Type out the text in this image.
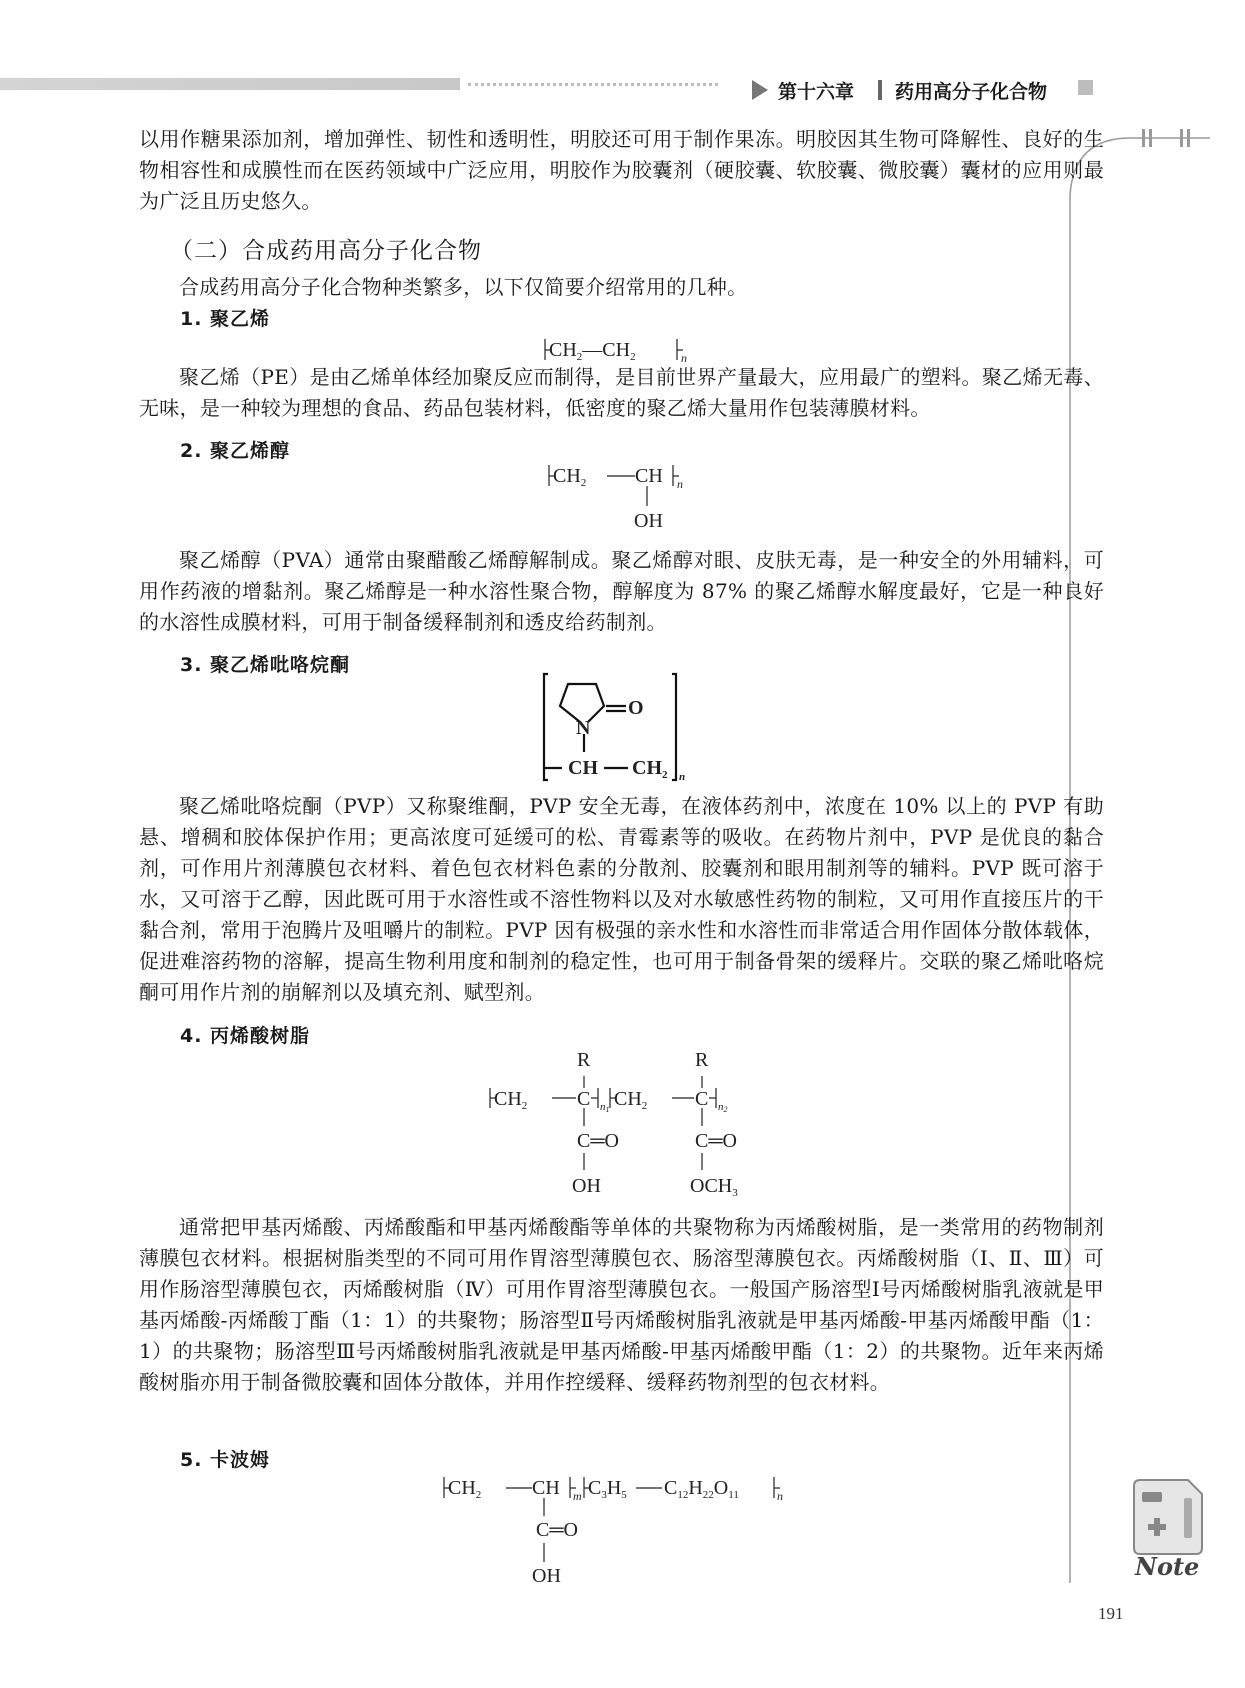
第十六章 药用高分子化合物
以用作糖果添加剂，增加弹性、韧性和透明性，明胶还可用于制作果冻。明胶因其生物可降解性、良好的生物相容性和成膜性而在医药领域中广泛应用，明胶作为胶囊剂（硬胶囊、软胶囊、微胶囊）囊材的应用则最为广泛且历史悠久。
（二）合成药用高分子化合物
合成药用高分子化合物种类繁多，以下仅简要介绍常用的几种。
1. 聚乙烯
$CH_2—CH_2$	n
聚乙烯（PE）是由乙烯单体经加聚反应而制得，是目前世界产量最大，应用最广的塑料。聚乙烯无毒、无味，是一种较为理想的食品、药品包装材料，低密度的聚乙烯大量用作包装薄膜材料。
2. 聚乙烯醇
$CH_2$ CH n
OH
聚乙烯醇（PVA）通常由聚醋酸乙烯醇解制成。聚乙烯醇对眼、皮肤无毒，是一种安全的外用辅料，可用作药液的增黏剂。聚乙烯醇是一种水溶性聚合物，醇解度为 87% 的聚乙烯醇水解度最好，它是一种良好的水溶性成膜材料，可用于制备缓释制剂和透皮给药制剂。
3. 聚乙烯吡咯烷酮
N
O
CH $CH_2$ n
聚乙烯吡咯烷酮（PVP）又称聚维酮，PVP 安全无毒，在液体药剂中，浓度在 10% 以上的 PVP 有助悬、增稠和胶体保护作用；更高浓度可延缓可的松、青霉素等的吸收。在药物片剂中，PVP 是优良的黏合剂，可作用片剂薄膜包衣材料、着色包衣材料色素的分散剂、胶囊剂和眼用制剂等的辅料。PVP 既可溶于水，又可溶于乙醇，因此既可用于水溶性或不溶性物料以及对水敏感性药物的制粒，又可用作直接压片的干黏合剂，常用于泡腾片及咀嚼片的制粒。PVP 因有极强的亲水性和水溶性而非常适合用作固体分散体载体，促进难溶药物的溶解，提高生物利用度和制剂的稳定性，也可用于制备骨架的缓释片。交联的聚乙烯吡咯烷酮可用作片剂的崩解剂以及填充剂、赋型剂。
4. 丙烯酸树脂
R	R
$CH_2$ C n1 $CH_2$ C n2
C═O	C═O
OH	$OCH_3$
通常把甲基丙烯酸、丙烯酸酯和甲基丙烯酸酯等单体的共聚物称为丙烯酸树脂，是一类常用的药物制剂薄膜包衣材料。根据树脂类型的不同可用作胃溶型薄膜包衣、肠溶型薄膜包衣。丙烯酸树脂（Ⅰ、Ⅱ、Ⅲ）可用作肠溶型薄膜包衣，丙烯酸树脂（Ⅳ）可用作胃溶型薄膜包衣。一般国产肠溶型Ⅰ号丙烯酸树脂乳液就是甲基丙烯酸-丙烯酸丁酯（1：1）的共聚物；肠溶型Ⅱ号丙烯酸树脂乳液就是甲基丙烯酸-甲基丙烯酸甲酯（1：1）的共聚物；肠溶型Ⅲ号丙烯酸树脂乳液就是甲基丙烯酸-甲基丙烯酸甲酯（1：2）的共聚物。近年来丙烯酸树脂亦用于制备微胶囊和固体分散体，并用作控缓释、缓释药物剂型的包衣材料。
5. 卡波姆
$CH_2$	CH m $C_3H_5$ $C_{12}H_{22}O_{11}$	n
C═O
OH	Note
191
